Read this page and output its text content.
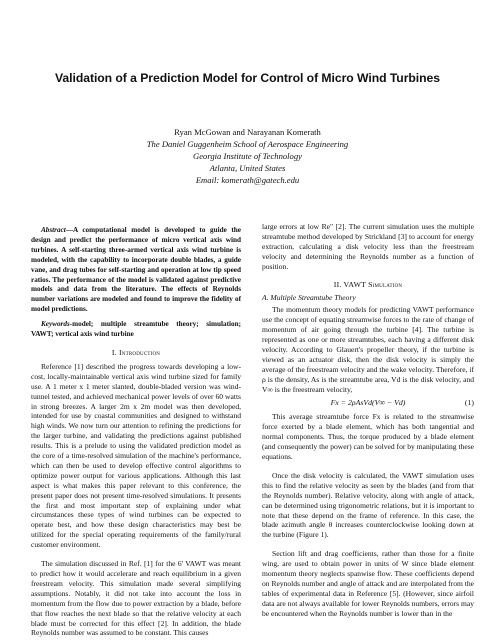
Validation of a Prediction Model for Control of Micro Wind Turbines
Ryan McGowan and Narayanan Komerath
The Daniel Guggenheim School of Aerospace Engineering
Georgia Institute of Technology
Atlanta, United States
Email: komerath@gatech.edu

Abstract—A computational model is developed to guide the design and predict the performance of micro vertical axis wind turbines. A self-starting three-armed vertical axis wind turbine is modeled, with the capability to incorporate double blades, a guide vane, and drag tubes for self-starting and operation at low tip speed ratios. The performance of the model is validated against predictive models and data from the literature. The effects of Reynolds number variations are modeled and found to improve the fidelity of model predictions.

Keywords-model; multiple streamtube theory; simulation; VAWT; vertical axis wind turbine

I. Introduction

Reference [1] described the progress towards developing a low-cost, locally-maintainable vertical axis wind turbine sized for family use. A 1 meter x 1 meter slanted, double-bladed version was wind-tunnel tested, and achieved mechanical power levels of over 60 watts in strong breezes. A larger 2m x 2m model was then developed, intended for use by coastal communities and designed to withstand high winds. We now turn our attention to refining the predictions for the larger turbine, and validating the predictions against published results. This is a prelude to using the validated prediction model as the core of a time-resolved simulation of the machine's performance, which can then be used to develop effective control algorithms to optimize power output for various applications. Although this last aspect is what makes this paper relevant to this conference, the present paper does not present time-resolved simulations. It presents the first and most important step of explaining under what circumstances these types of wind turbines can be expected to operate best, and how these design characteristics may best be utilized for the special operating requirements of the family/rural customer environment.

The simulation discussed in Ref. [1] for the 6' VAWT was meant to predict how it would accelerate and reach equilibrium in a given freestream velocity. This simulation made several simplifying assumptions. Notably, it did not take into account the loss in momentum from the flow due to power extraction by a blade, before that flow reaches the next blade so that the relative velocity at each blade must be corrected for this effect [2]. In addition, the blade Reynolds number was assumed to be constant. This causes

large errors at low Re" [2]. The current simulation uses the multiple streamtube method developed by Strickland [3] to account for energy extraction, calculating a disk velocity less than the freestream velocity and determining the Reynolds number as a function of position.

II. VAWT Simulation
A. Multiple Streamtube Theory

The momentum theory models for predicting VAWT performance use the concept of equating streamwise forces to the rate of change of momentum of air going through the turbine [4]. The turbine is represented as one or more streamtubes, each having a different disk velocity. According to Glauert's propeller theory, if the turbine is viewed as an actuator disk, then the disk velocity is simply the average of the freestream velocity and the wake velocity. Therefore, if ρ is the density, As is the streamtube area, Vd is the disk velocity, and V∞ is the freestream velocity,

Fx = 2ρAsVd(V∞ − Vd)	(1)

This average streamtube force Fx is related to the streamwise force exerted by a blade element, which has both tangential and normal components. Thus, the torque produced by a blade element (and consequently the power) can be solved for by manipulating these equations.

Once the disk velocity is calculated, the VAWT simulation uses this to find the relative velocity as seen by the blades (and from that the Reynolds number). Relative velocity, along with angle of attack, can be determined using trigonometric relations, but it is important to note that these depend on the frame of reference. In this case, the blade azimuth angle θ increases counterclockwise looking down at the turbine (Figure 1).

Section lift and drag coefficients, rather than those for a finite wing, are used to obtain power in units of W since blade element momentum theory neglects spanwise flow. These coefficients depend on Reynolds number and angle of attack and are interpolated from the tables of experimental data in Reference [5]. (However, since airfoil data are not always available for lower Reynolds numbers, errors may be encountered when the Reynolds number is lower than in the
